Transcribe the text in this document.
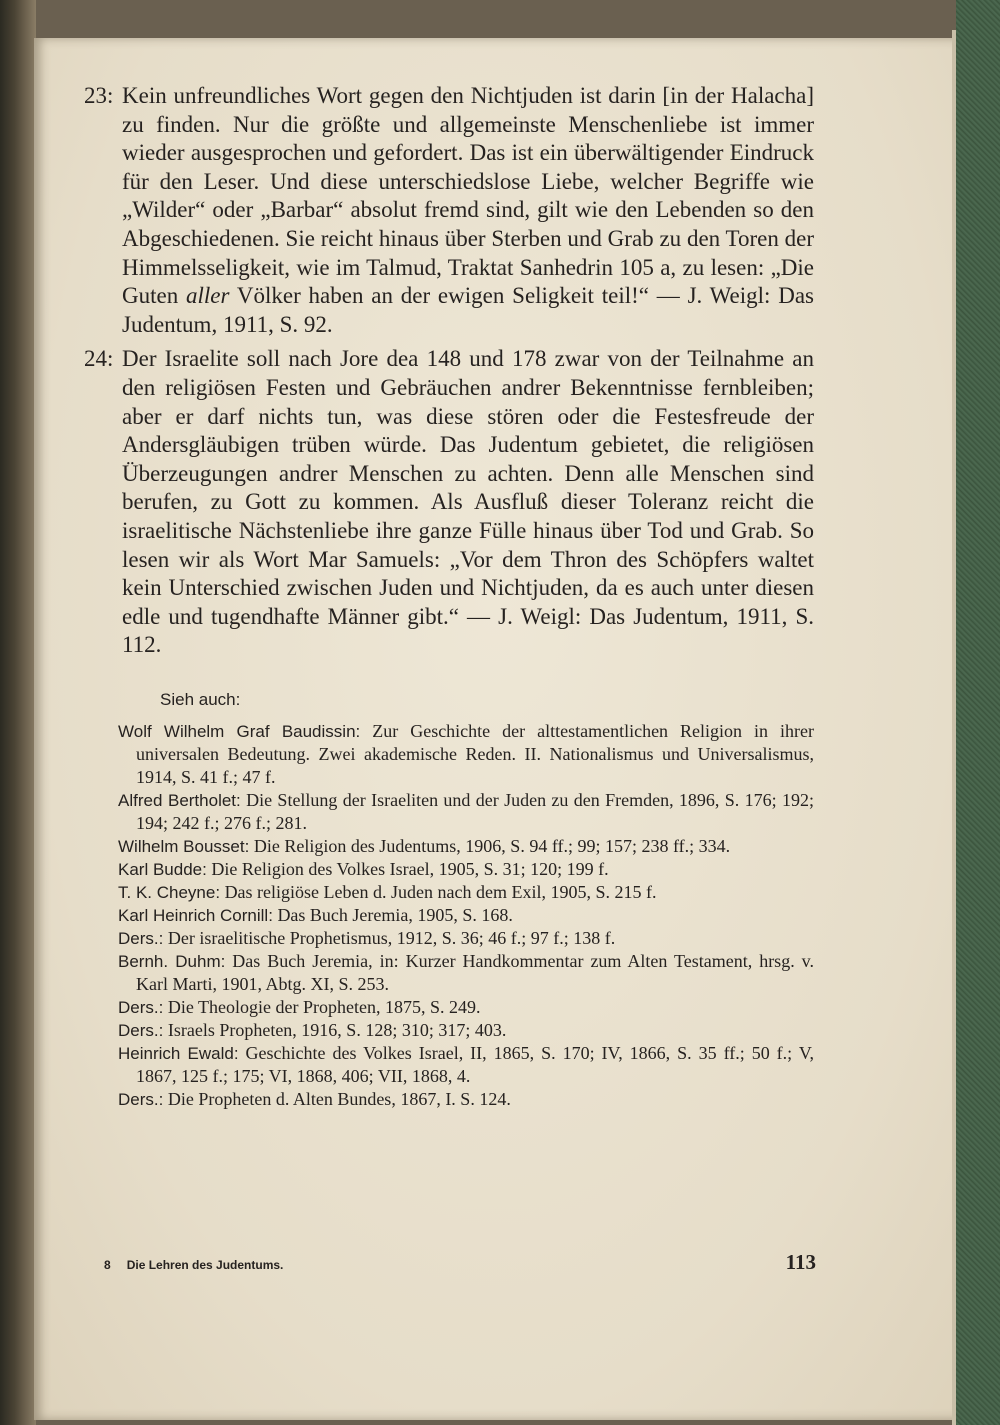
23: Kein unfreundliches Wort gegen den Nichtjuden ist darin [in der Halacha] zu finden. Nur die größte und allgemeinste Menschenliebe ist immer wieder ausgesprochen und gefordert. Das ist ein überwältigender Eindruck für den Leser. Und diese unterschiedslose Liebe, welcher Begriffe wie „Wilder“ oder „Barbar“ absolut fremd sind, gilt wie den Lebenden so den Abgeschiedenen. Sie reicht hinaus über Sterben und Grab zu den Toren der Himmelsseligkeit, wie im Talmud, Traktat Sanhedrin 105 a, zu lesen: „Die Guten aller Völker haben an der ewigen Seligkeit teil!“ — J. Weigl: Das Judentum, 1911, S. 92.
24: Der Israelite soll nach Jore dea 148 und 178 zwar von der Teilnahme an den religiösen Festen und Gebräuchen andrer Bekenntnisse fernbleiben; aber er darf nichts tun, was diese stören oder die Festesfreude der Andersgläubigen trüben würde. Das Judentum gebietet, die religiösen Überzeugungen andrer Menschen zu achten. Denn alle Menschen sind berufen, zu Gott zu kommen. Als Ausfluß dieser Toleranz reicht die israelitische Nächstenliebe ihre ganze Fülle hinaus über Tod und Grab. So lesen wir als Wort Mar Samuels: „Vor dem Thron des Schöpfers waltet kein Unterschied zwischen Juden und Nichtjuden, da es auch unter diesen edle und tugendhafte Männer gibt.“ — J. Weigl: Das Judentum, 1911, S. 112.
Sieh auch:
Wolf Wilhelm Graf Baudissin: Zur Geschichte der alttestamentlichen Religion in ihrer universalen Bedeutung. Zwei akademische Reden. II. Nationalismus und Universalismus, 1914, S. 41 f.; 47 f.
Alfred Bertholet: Die Stellung der Israeliten und der Juden zu den Fremden, 1896, S. 176; 192; 194; 242 f.; 276 f.; 281.
Wilhelm Bousset: Die Religion des Judentums, 1906, S. 94 ff.; 99; 157; 238 ff.; 334.
Karl Budde: Die Religion des Volkes Israel, 1905, S. 31; 120; 199 f.
T. K. Cheyne: Das religiöse Leben d. Juden nach dem Exil, 1905, S. 215 f.
Karl Heinrich Cornill: Das Buch Jeremia, 1905, S. 168.
Ders.: Der israelitische Prophetismus, 1912, S. 36; 46 f.; 97 f.; 138 f.
Bernh. Duhm: Das Buch Jeremia, in: Kurzer Handkommentar zum Alten Testament, hrsg. v. Karl Marti, 1901, Abtg. XI, S. 253.
Ders.: Die Theologie der Propheten, 1875, S. 249.
Ders.: Israels Propheten, 1916, S. 128; 310; 317; 403.
Heinrich Ewald: Geschichte des Volkes Israel, II, 1865, S. 170; IV, 1866, S. 35 ff.; 50 f.; V, 1867, 125 f.; 175; VI, 1868, 406; VII, 1868, 4.
Ders.: Die Propheten d. Alten Bundes, 1867, I. S. 124.
8 Die Lehren des Judentums.	113
